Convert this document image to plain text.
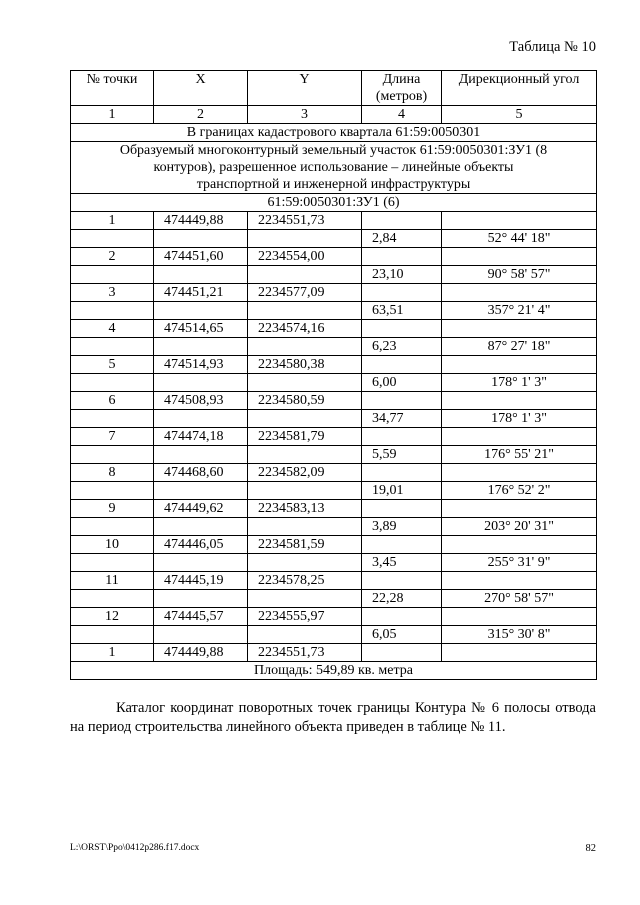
Таблица № 10
№ точки	X	Y	Длина (метров)	Дирекционный угол
1	2	3	4	5
В границах кадастрового квартала 61:59:0050301				
Образуемый многоконтурный земельный участок 61:59:0050301:ЗУ1 (8 контуров), разрешенное использование – линейные объекты транспортной и инженерной инфраструктуры				
61:59:0050301:ЗУ1 (6)				
1	474449,88	2234551,73		
			2,84	52° 44' 18"
2	474451,60	2234554,00		
			23,10	90° 58' 57"
3	474451,21	2234577,09		
			63,51	357° 21' 4"
4	474514,65	2234574,16		
			6,23	87° 27' 18"
5	474514,93	2234580,38		
			6,00	178° 1' 3"
6	474508,93	2234580,59		
			34,77	178° 1' 3"
7	474474,18	2234581,79		
			5,59	176° 55' 21"
8	474468,60	2234582,09		
			19,01	176° 52' 2"
9	474449,62	2234583,13		
			3,89	203° 20' 31"
10	474446,05	2234581,59		
			3,45	255° 31' 9"
11	474445,19	2234578,25		
			22,28	270° 58' 57"
12	474445,57	2234555,97		
			6,05	315° 30' 8"
1	474449,88	2234551,73		
Площадь: 549,89 кв. метра				
Каталог координат поворотных точек границы Контура № 6 полосы отвода на период строительства линейного объекта приведен в таблице № 11.
L:\ORST\Ppo\0412p286.f17.docx	82
